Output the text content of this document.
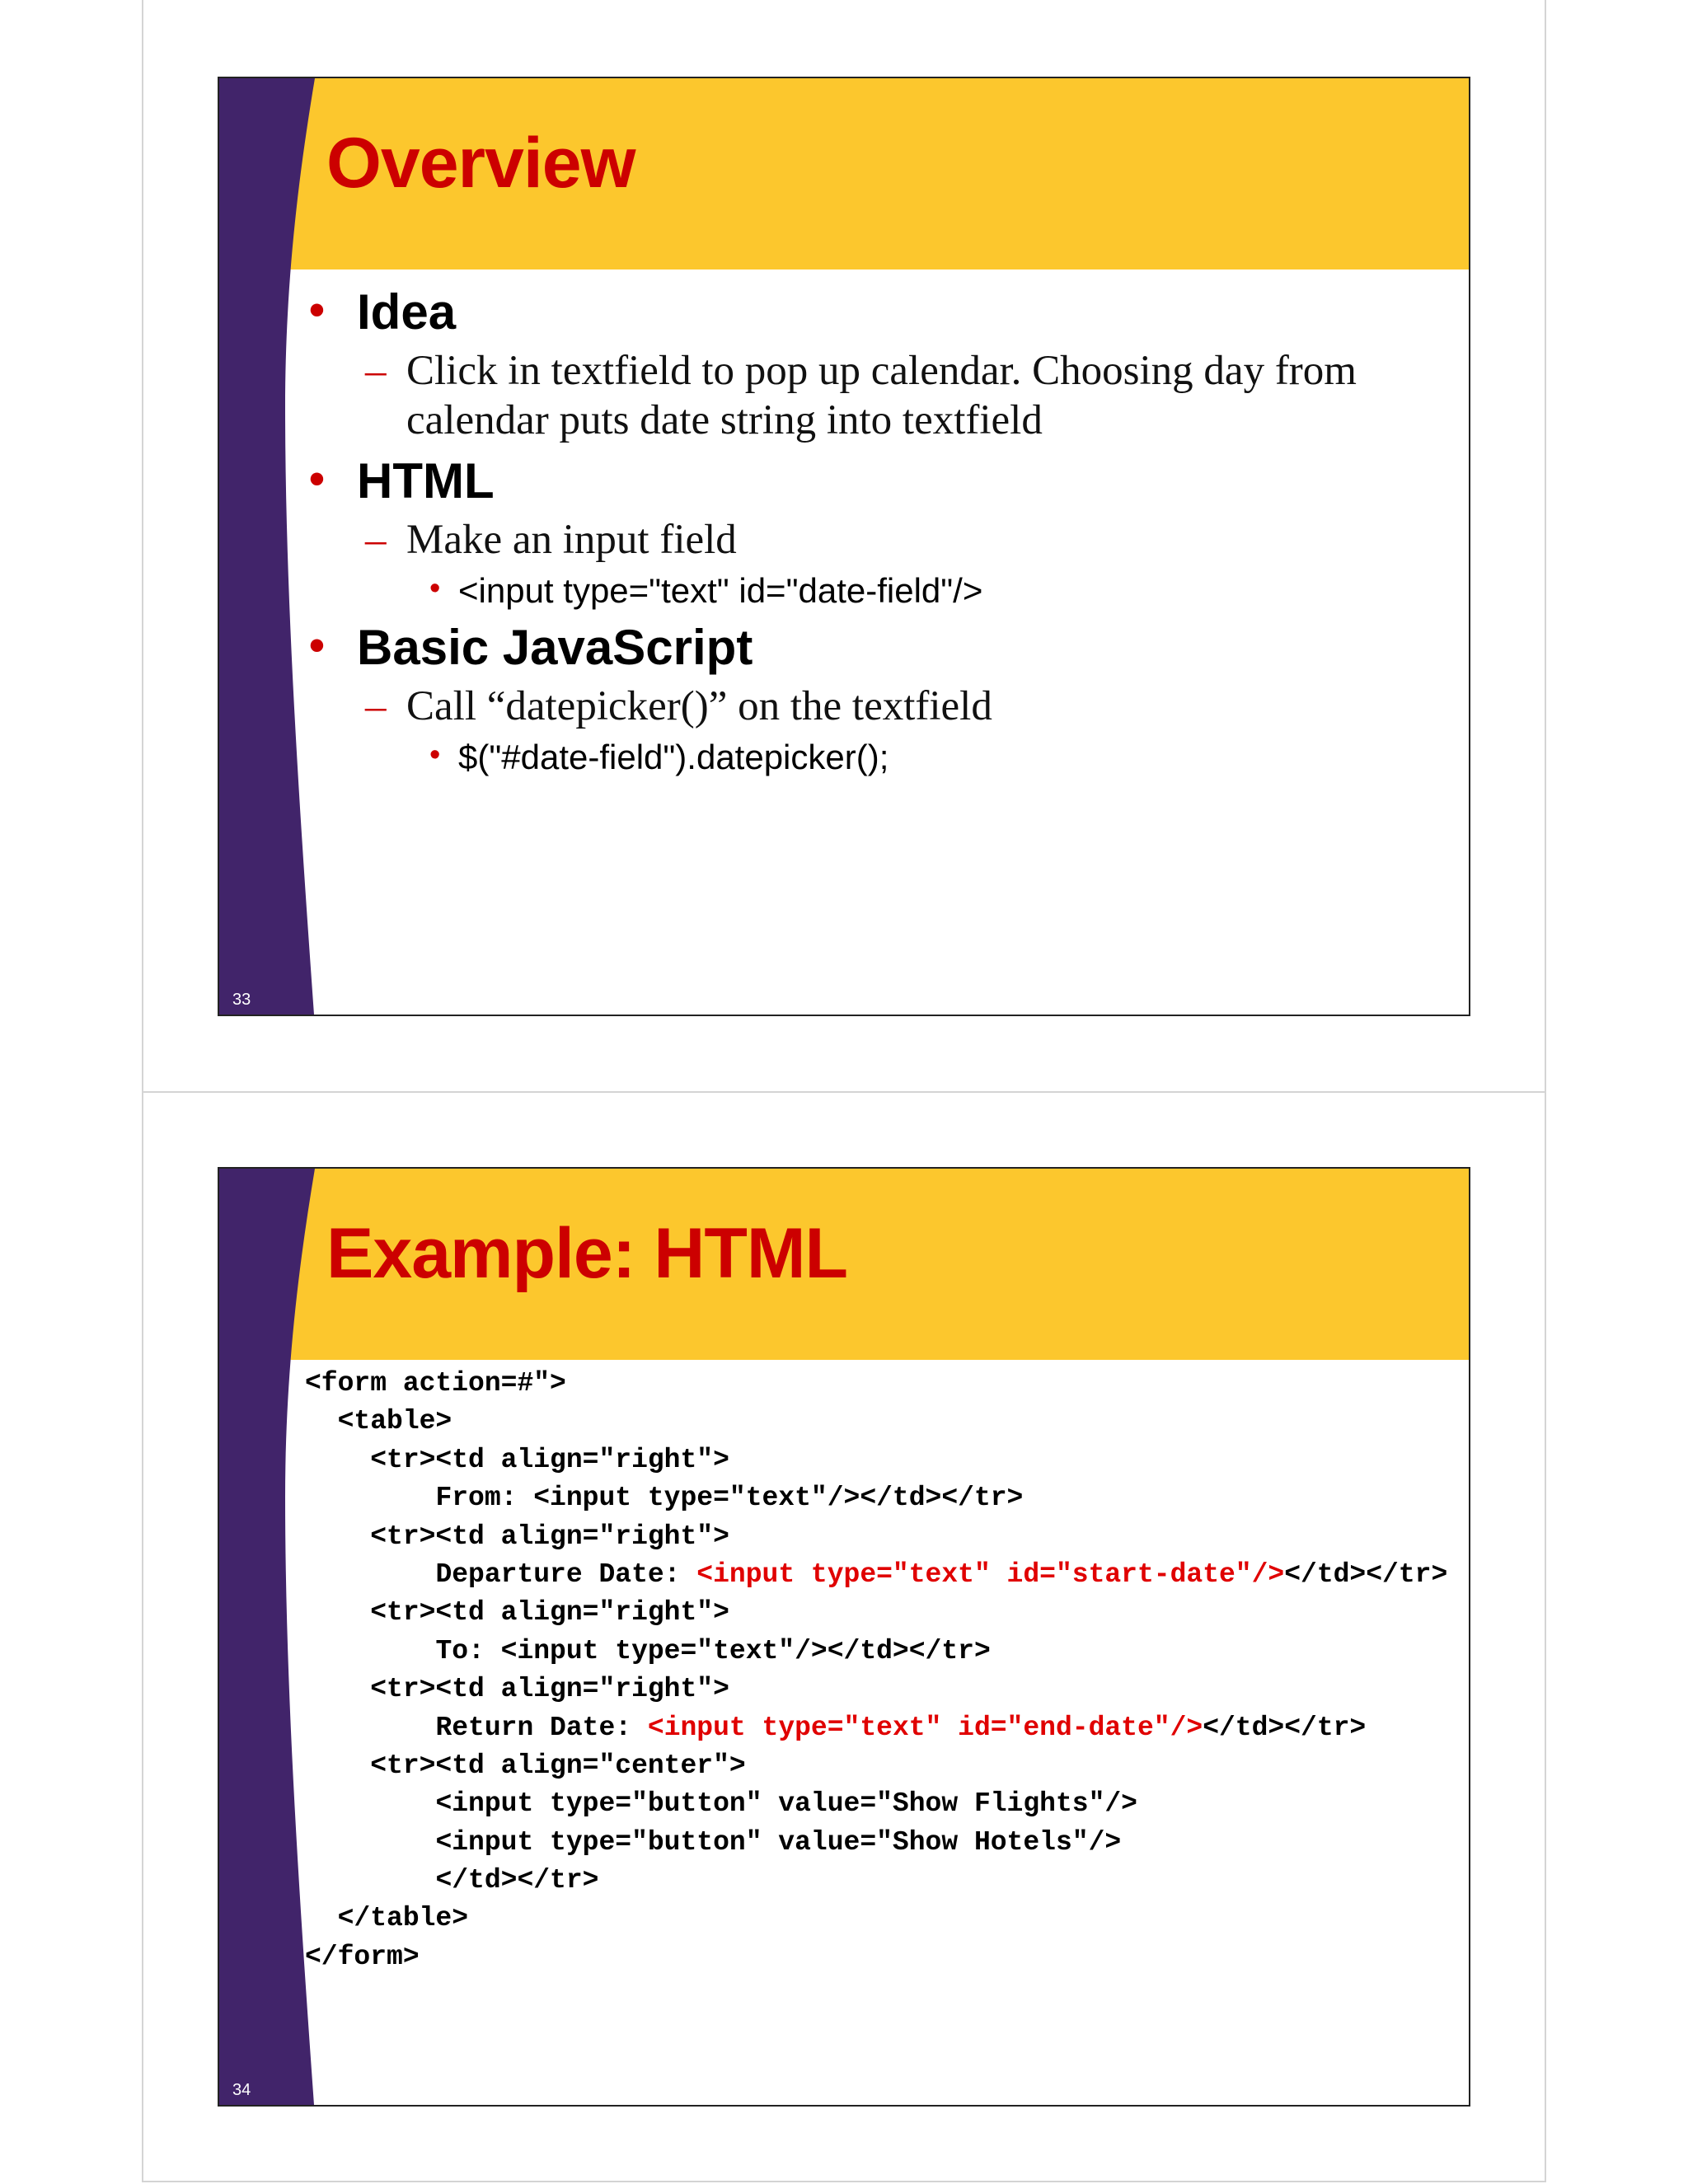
Overview
• Idea
– Click in textfield to pop up calendar. Choosing day from calendar puts date string into textfield
• HTML
– Make an input field
• <input type="text" id="date-field"/>
• Basic JavaScript
– Call “datepicker()” on the textfield
• $("#date-field").datepicker();
33
Example: HTML
<form action=#">
<table>
<tr><td align="right">
From: <input type="text"/></td></tr>
<tr><td align="right">
Departure Date: <input type="text" id="start-date"/></td></tr>
<tr><td align="right">
To: <input type="text"/></td></tr>
<tr><td align="right">
Return Date: <input type="text" id="end-date"/></td></tr>
<tr><td align="center">
<input type="button" value="Show Flights"/>
<input type="button" value="Show Hotels"/>
</td></tr>
</table>
</form>
34
